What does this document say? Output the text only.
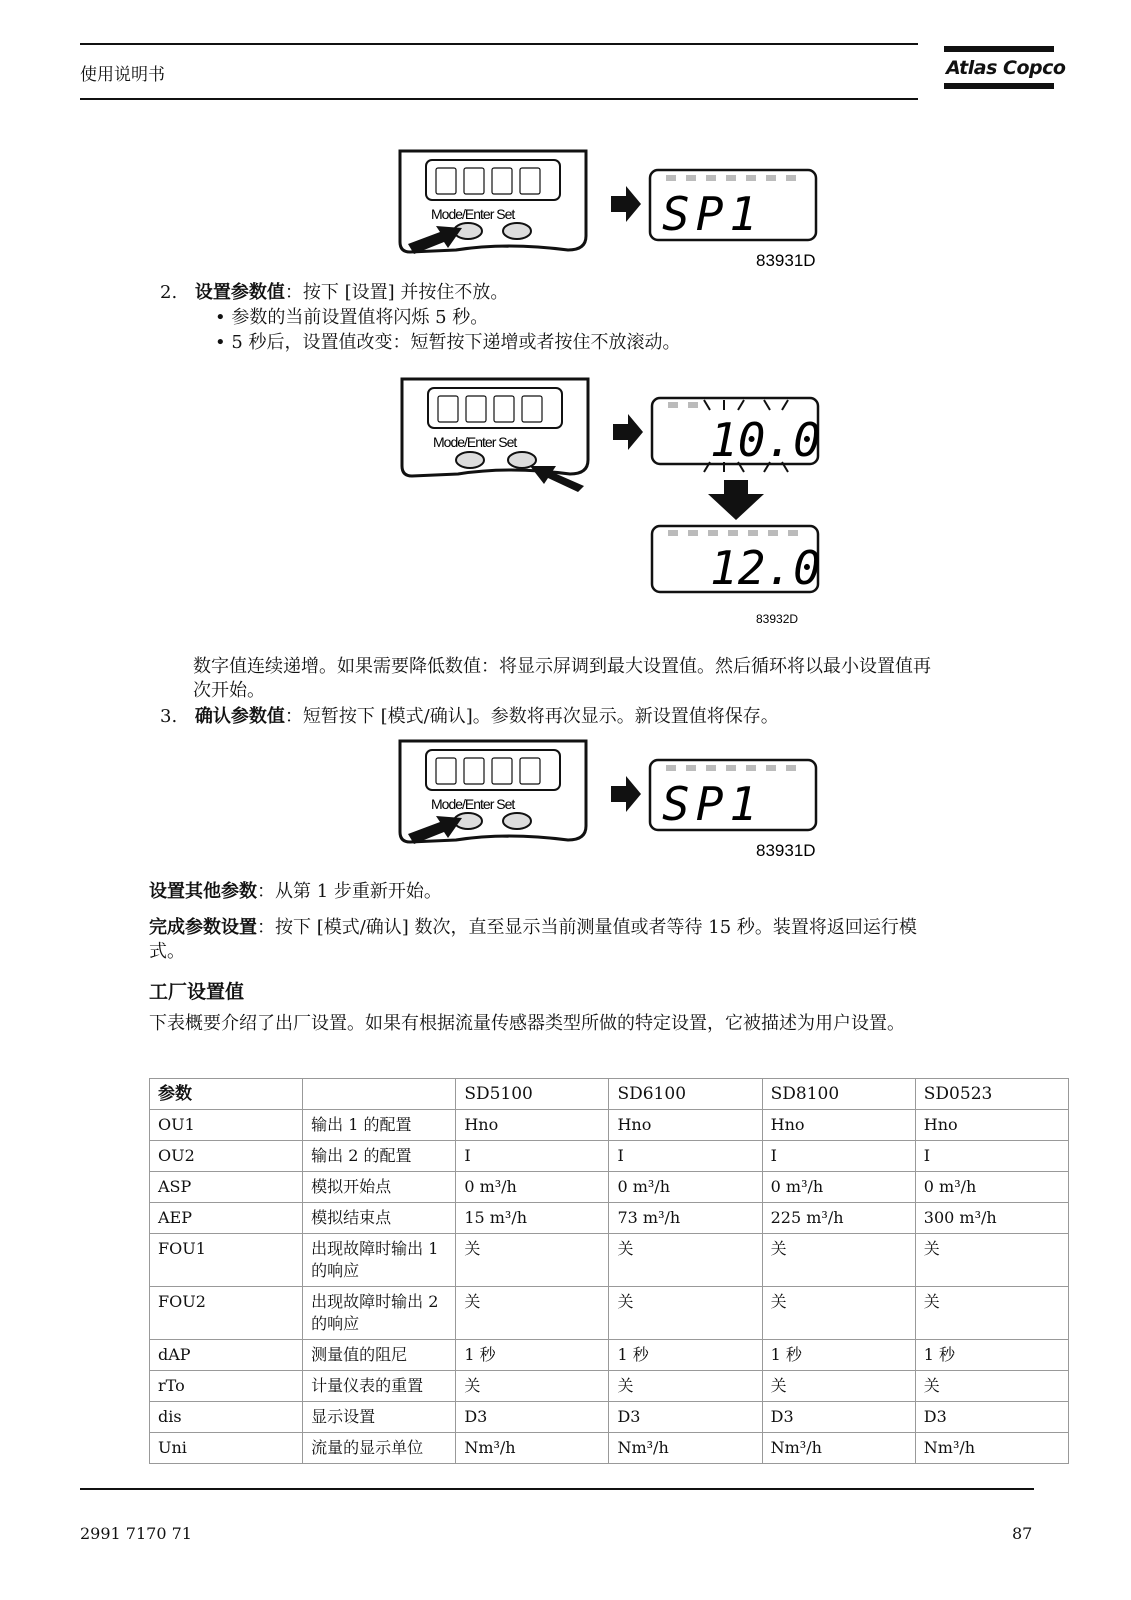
使用说明书	Atlas Copco
Mode/Enter Set	SP1
83931D
2. 设置参数值：按下 [设置] 并按住不放。
• 参数的当前设置值将闪烁 5 秒。
• 5 秒后，设置值改变：短暂按下递增或者按住不放滚动。
Mode/Enter Set	10.0
12.0
83932D
数字值连续递增。如果需要降低数值：将显示屏调到最大设置值。然后循环将以最小设置值再
次开始。
3. 确认参数值：短暂按下 [模式/确认]。参数将再次显示。新设置值将保存。
Mode/Enter Set	SP1
83931D
设置其他参数：从第 1 步重新开始。
完成参数设置：按下 [模式/确认] 数次，直至显示当前测量值或者等待 15 秒。装置将返回运行模
式。
工厂设置值
下表概要介绍了出厂设置。如果有根据流量传感器类型所做的特定设置，它被描述为用户设置。
参数		SD5100	SD6100	SD8100	SD0523
OU1	输出 1 的配置	Hno	Hno	Hno	Hno
OU2	输出 2 的配置	I	I	I	I
ASP	模拟开始点	0 m³/h	0 m³/h	0 m³/h	0 m³/h
AEP	模拟结束点	15 m³/h	73 m³/h	225 m³/h	300 m³/h
FOU1	出现故障时输出 1 的响应	关	关	关	关
FOU2	出现故障时输出 2 的响应	关	关	关	关
dAP	测量值的阻尼	1 秒	1 秒	1 秒	1 秒
rTo	计量仪表的重置	关	关	关	关
dis	显示设置	D3	D3	D3	D3
Uni	流量的显示单位	Nm³/h	Nm³/h	Nm³/h	Nm³/h
2991 7170 71	87
